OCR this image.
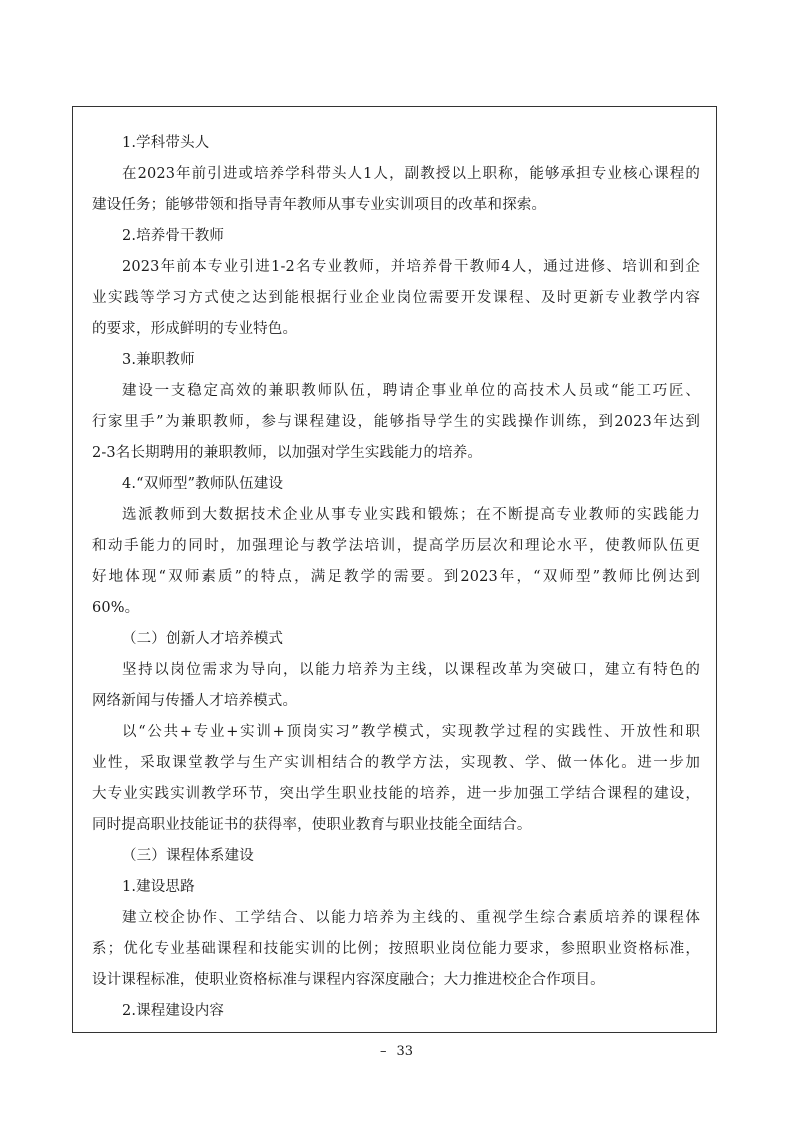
1.学科带头人
在2023年前引进或培养学科带头人1人，副教授以上职称，能够承担专业核心课程的
建设任务；能够带领和指导青年教师从事专业实训项目的改革和探索。
2.培养骨干教师
2023年前本专业引进1-2名专业教师，并培养骨干教师4人，通过进修、培训和到企
业实践等学习方式使之达到能根据行业企业岗位需要开发课程、及时更新专业教学内容
的要求，形成鲜明的专业特色。
3.兼职教师
建设一支稳定高效的兼职教师队伍，聘请企事业单位的高技术人员或“能工巧匠、
行家里手”为兼职教师，参与课程建设，能够指导学生的实践操作训练，到2023年达到
2-3名长期聘用的兼职教师，以加强对学生实践能力的培养。
4.“双师型”教师队伍建设
选派教师到大数据技术企业从事专业实践和锻炼；在不断提高专业教师的实践能力
和动手能力的同时，加强理论与教学法培训，提高学历层次和理论水平，使教师队伍更
好地体现“双师素质”的特点，满足教学的需要。到2023年，“双师型”教师比例达到
60%。
（二）创新人才培养模式
坚持以岗位需求为导向，以能力培养为主线，以课程改革为突破口，建立有特色的
网络新闻与传播人才培养模式。
以“公共+专业+实训+顶岗实习”教学模式，实现教学过程的实践性、开放性和职
业性，采取课堂教学与生产实训相结合的教学方法，实现教、学、做一体化。进一步加
大专业实践实训教学环节，突出学生职业技能的培养，进一步加强工学结合课程的建设，
同时提高职业技能证书的获得率，使职业教育与职业技能全面结合。
（三）课程体系建设
1.建设思路
建立校企协作、工学结合、以能力培养为主线的、重视学生综合素质培养的课程体
系；优化专业基础课程和技能实训的比例；按照职业岗位能力要求，参照职业资格标准，
设计课程标准，使职业资格标准与课程内容深度融合；大力推进校企合作项目。
2.课程建设内容
– 33
